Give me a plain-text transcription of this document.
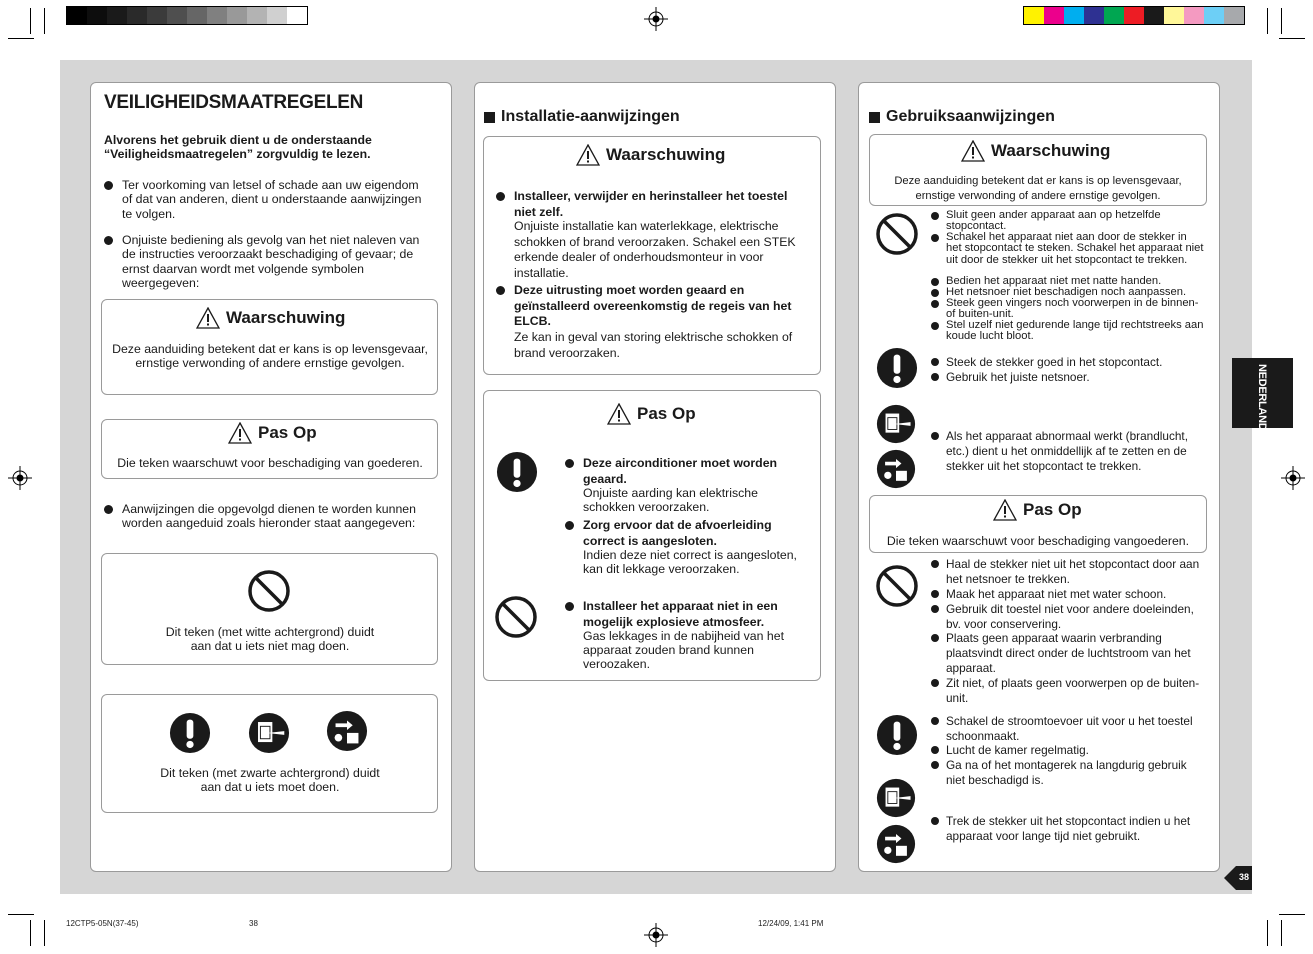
12CTP5-05N(37-45)	38	12/24/09, 1:41 PM
VEILIGHEIDSMAATREGELEN
Alvorens het gebruik dient u de onderstaande “Veiligheidsmaatregelen” zorgvuldig te lezen.
Ter voorkoming van letsel of schade aan uw eigendom of dat van anderen, dient u onderstaande aanwijzingen te volgen.
Onjuiste bediening als gevolg van het niet naleven van de instructies veroorzaakt beschadiging of gevaar; de ernst daarvan wordt met volgende symbolen weergegeven:
Waarschuwing
Deze aanduiding betekent dat er kans is op levensgevaar, ernstige verwonding of andere ernstige gevolgen.
Pas Op
Die teken waarschuwt voor beschadiging van goederen.
Aanwijzingen die opgevolgd dienen te worden kunnen worden aangeduid zoals hieronder staat aangegeven:
Dit teken (met witte achtergrond) duidt aan dat u iets niet mag doen.
Dit teken (met zwarte achtergrond) duidt aan dat u iets moet doen.
Installatie-aanwijzingen
Waarschuwing
Installeer, verwijder en herinstalleer het toestel niet zelf.
Onjuiste installatie kan waterlekkage, elektrische schokken of brand veroorzaken. Schakel een STEK erkende dealer of onderhoudsmonteur in voor installatie.
Deze uitrusting moet worden geaard en geïnstalleerd overeenkomstig de regeis van het ELCB.
Ze kan in geval van storing elektrische schokken of brand veroorzaken.
Pas Op
Deze airconditioner moet worden geaard.
Onjuiste aarding kan elektrische schokken veroorzaken.
Zorg ervoor dat de afvoerleiding correct is aangesloten.
Indien deze niet correct is aangesloten, kan dit lekkage veroorzaken.
Installeer het apparaat niet in een mogelijk explosieve atmosfeer.
Gas lekkages in de nabijheid van het apparaat zouden brand kunnen veroozaken.
Gebruiksaanwijzingen
Waarschuwing
Deze aanduiding betekent dat er kans is op levensgevaar, ernstige verwonding of andere ernstige gevolgen.
Sluit geen ander apparaat aan op hetzelfde stopcontact.
Schakel het apparaat niet aan door de stekker in het stopcontact te steken. Schakel het apparaat niet uit door de stekker uit het stopcontact te trekken.
Bedien het apparaat niet met natte handen.
Het netsnoer niet beschadigen noch aanpassen.
Steek geen vingers noch voorwerpen in de binnen- of buiten-unit.
Stel uzelf niet gedurende lange tijd rechtstreeks aan koude lucht bloot.
Steek de stekker goed in het stopcontact.
Gebruik het juiste netsnoer.
Als het apparaat abnormaal werkt (brandlucht, etc.) dient u het onmiddellijk af te zetten en de stekker uit het stopcontact te trekken.
Pas Op
Die teken waarschuwt voor beschadiging vangoederen.
Haal de stekker niet uit het stopcontact door aan het netsnoer te trekken.
Maak het apparaat niet met water schoon.
Gebruik dit toestel niet voor andere doeleinden, bv. voor conservering.
Plaats geen apparaat waarin verbranding plaatsvindt direct onder de luchtstroom van het apparaat.
Zit niet, of plaats geen voorwerpen op de buiten-unit.
Schakel de stroomtoevoer uit voor u het toestel schoonmaakt.
Lucht de kamer regelmatig.
Ga na of het montagerek na langdurig gebruik niet beschadigd is.
Trek de stekker uit het stopcontact indien u het apparaat voor lange tijd niet gebruikt.
NEDERLANDS
38
